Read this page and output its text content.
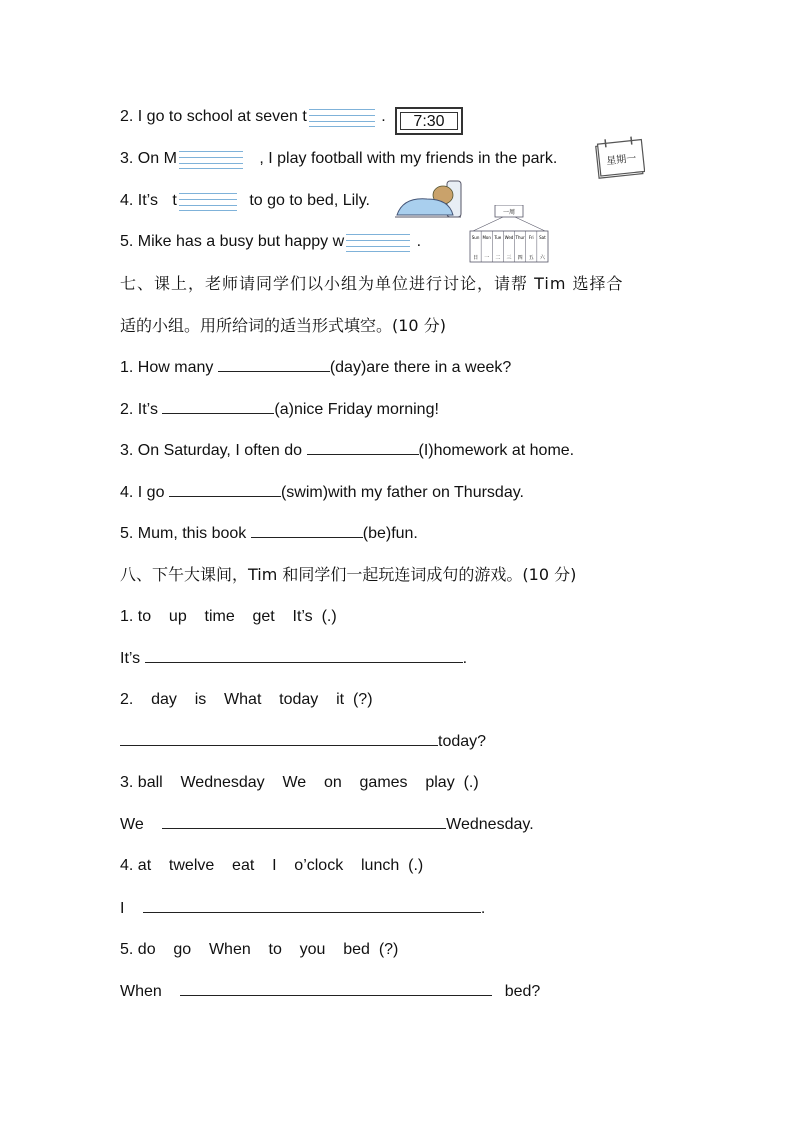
2. I go to school at seven t	.	7:30
3. On M	, I play football with my friends in the park.	星期一
4. It’s t	to go to bed, Lily.
5. Mike has a busy but happy w	.
一周
Sun
日
Mon
一
Tue
二
Wed
三
Thur
四
Fri
五
Sat
六
七、课上，老师请同学们以小组为单位进行讨论，请帮 Tim 选择合
适的小组。用所给词的适当形式填空。(10 分)
1. How many	(day)are there in a week?
2. It’s	(a)nice Friday morning!
3. On Saturday, I often do	(I)homework at home.
4. I go	(swim)with my father on Thursday.
5. Mum, this book	(be)fun.
八、下午大课间，Tim 和同学们一起玩连词成句的游戏。(10 分)
1. to    up    time    get    It’s  (.)
It’s	.
2.    day    is    What    today    it  (?)
today?
3. ball    Wednesday    We    on    games    play  (.)
We	Wednesday.
4. at    twelve    eat    I    o’clock    lunch  (.)
I	.
5. do    go    When    to    you    bed  (?)
When	bed?
